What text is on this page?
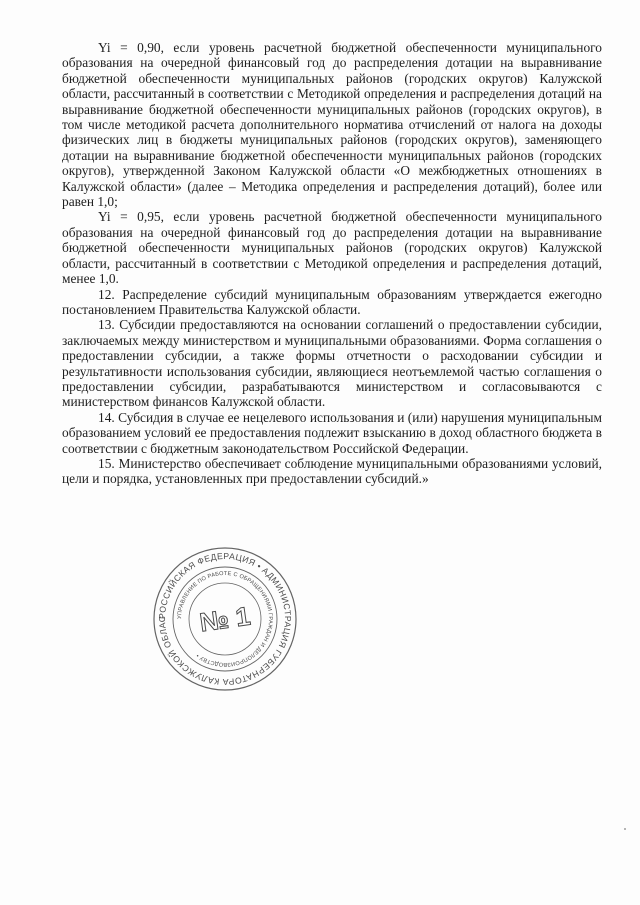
Yi = 0,90, если уровень расчетной бюджетной обеспеченности муниципального образования на очередной финансовый год до распределения дотации на выравнивание бюджетной обеспеченности муниципальных районов (городских округов) Калужской области, рассчитанный в соответствии с Методикой определения и распределения дотаций на выравнивание бюджетной обеспеченности муниципальных районов (городских округов), в том числе методикой расчета дополнительного норматива отчислений от налога на доходы физических лиц в бюджеты муниципальных районов (городских округов), заменяющего дотации на выравнивание бюджетной обеспеченности муниципальных районов (городских округов), утвержденной Законом Калужской области «О межбюджетных отношениях в Калужской области» (далее – Методика определения и распределения дотаций), более или равен 1,0;

Yi = 0,95, если уровень расчетной бюджетной обеспеченности муниципального образования на очередной финансовый год до распределения дотации на выравнивание бюджетной обеспеченности муниципальных районов (городских округов) Калужской области, рассчитанный в соответствии с Методикой определения и распределения дотаций, менее 1,0.

12. Распределение субсидий муниципальным образованиям утверждается ежегодно постановлением Правительства Калужской области.

13. Субсидии предоставляются на основании соглашений о предоставлении субсидии, заключаемых между министерством и муниципальными образованиями. Форма соглашения о предоставлении субсидии, а также формы отчетности о расходовании субсидии и результативности использования субсидии, являющиеся неотъемлемой частью соглашения о предоставлении субсидии, разрабатываются министерством и согласовываются с министерством финансов Калужской области.

14. Субсидия в случае ее нецелевого использования и (или) нарушения муниципальным образованием условий ее предоставления подлежит взысканию в доход областного бюджета в соответствии с бюджетным законодательством Российской Федерации.

15. Министерство обеспечивает соблюдение муниципальными образованиями условий, цели и порядка, установленных при предоставлении субсидий.»

РОССИЙСКАЯ ФЕДЕРАЦИЯ • АДМИНИСТРАЦИЯ ГУБЕРНАТОРА КАЛУЖСКОЙ ОБЛАС	УПРАВЛЕНИЕ ПО РАБОТЕ С ОБРАЩЕНИЯМИ ГРАЖДАН И ДЕЛОПРОИЗВОДСТВУ •
№ 1
